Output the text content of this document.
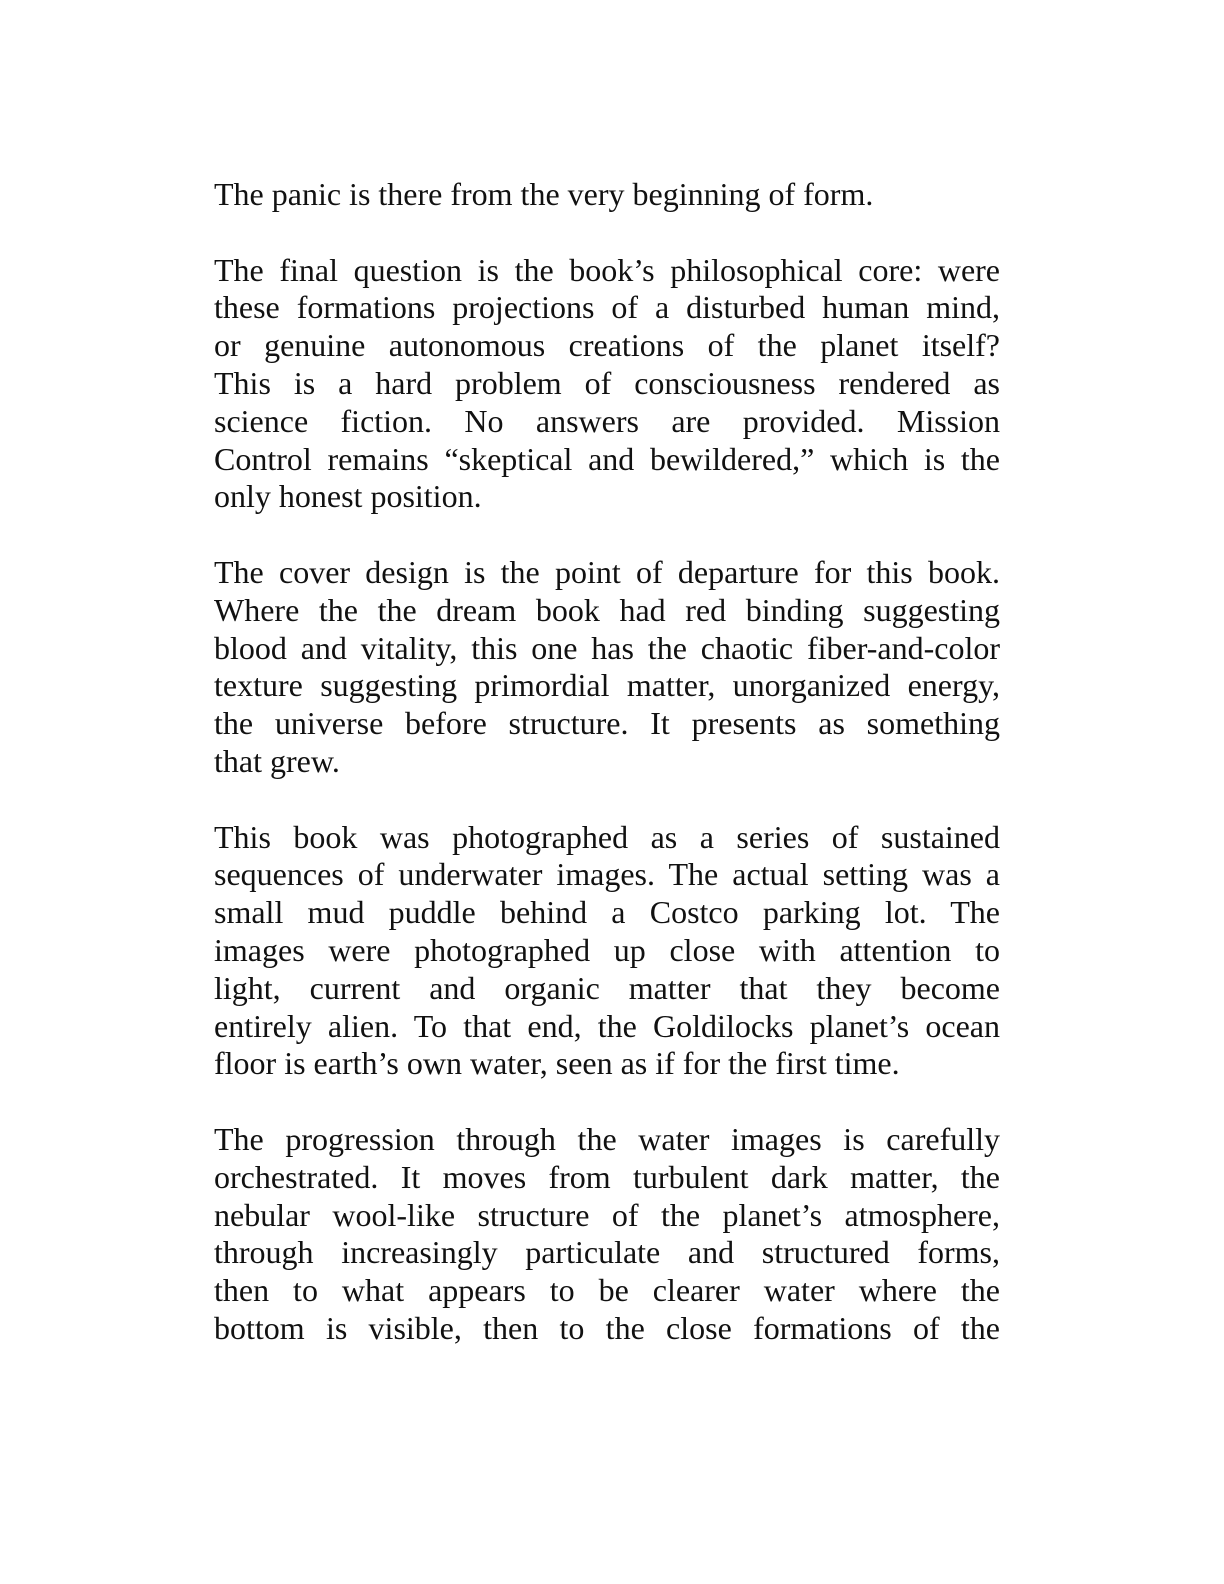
The panic is there from the very beginning of form.

The final question is the book’s philosophical core: were
these formations projections of a disturbed human mind,
or genuine autonomous creations of the planet itself?
This is a hard problem of consciousness rendered as
science fiction. No answers are provided. Mission
Control remains “skeptical and bewildered,” which is the
only honest position.

The cover design is the point of departure for this book.
Where the the dream book had red binding suggesting
blood and vitality, this one has the chaotic fiber-and-color
texture suggesting primordial matter, unorganized energy,
the universe before structure. It presents as something
that grew.

This book was photographed as a series of sustained
sequences of underwater images. The actual setting was a
small mud puddle behind a Costco parking lot. The
images were photographed up close with attention to
light, current and organic matter that they become
entirely alien. To that end, the Goldilocks planet’s ocean
floor is earth’s own water, seen as if for the first time.

The progression through the water images is carefully
orchestrated. It moves from turbulent dark matter, the
nebular wool-like structure of the planet’s atmosphere,
through increasingly particulate and structured forms,
then to what appears to be clearer water where the
bottom is visible, then to the close formations of the
